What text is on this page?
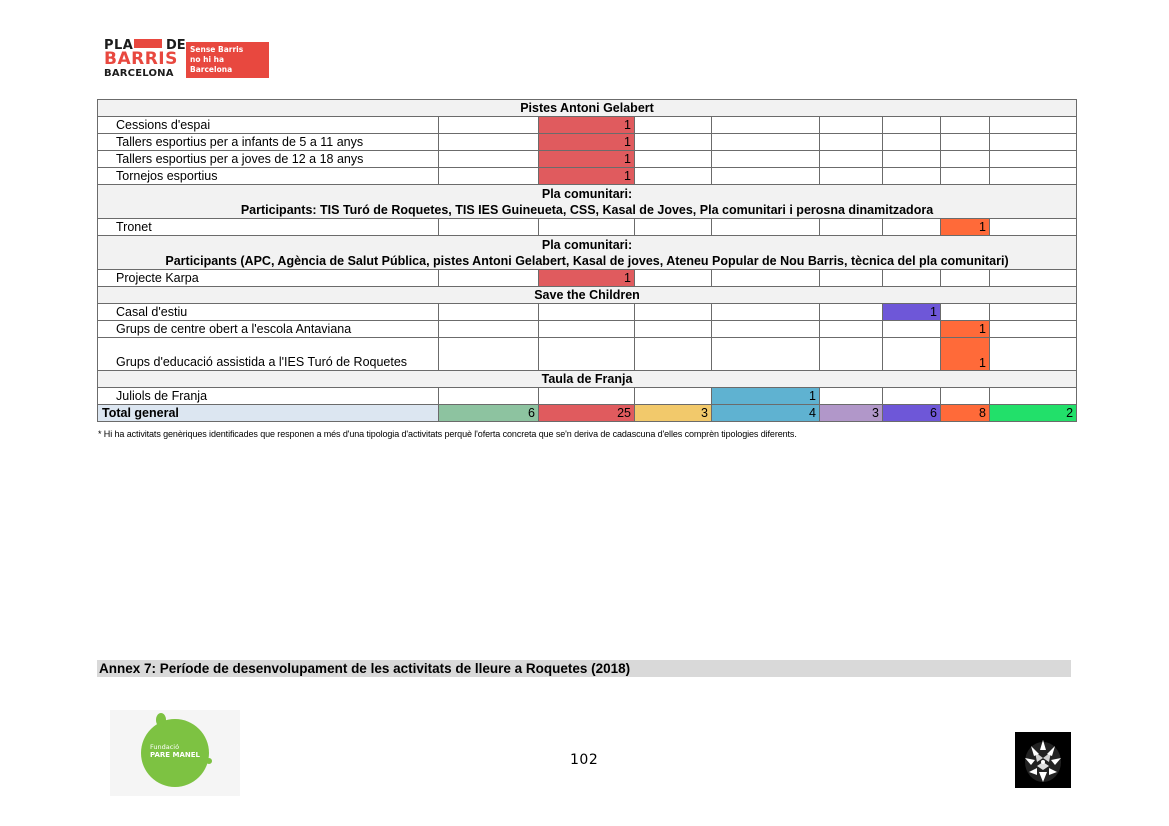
PLA	DE
BARRIS
BARCELONA
Sense Barris
no hi ha
Barcelona
Pistes Antoni Gelabert								
Cessions d'espai		1						
Tallers esportius per a infants de 5 a 11 anys		1						
Tallers esportius per a joves de 12 a 18 anys		1						
Tornejos esportius		1						

Pla comunitari:
Participants: TIS Turó de Roquetes, TIS IES Guineueta, CSS, Kasal de Joves, Pla comunitari i perosna dinamitzadora								

Tronet							1	

Pla comunitari:
Participants (APC, Agència de Salut Pública, pistes Antoni Gelabert, Kasal de joves, Ateneu Popular de Nou Barris, tècnica del pla comunitari)								

Projecte Karpa		1						
Save the Children								
Casal d'estiu						1		
Grups de centre obert a l'escola Antaviana							1	
Grups d'educació assistida a l'IES Turó de Roquetes							1	
Taula de Franja								
Juliols de Franja				1				
Total general	6	25	3	4	3	6	8	2
* Hi ha activitats genèriques identificades que responen a més d'una tipologia d'activitats perquè l'oferta concreta que se'n deriva de cadascuna d'elles comprèn tipologies diferents.
Annex 7: Període de desenvolupament de les activitats de lleure a Roquetes (2018)
Fundació
PARE MANEL	102
